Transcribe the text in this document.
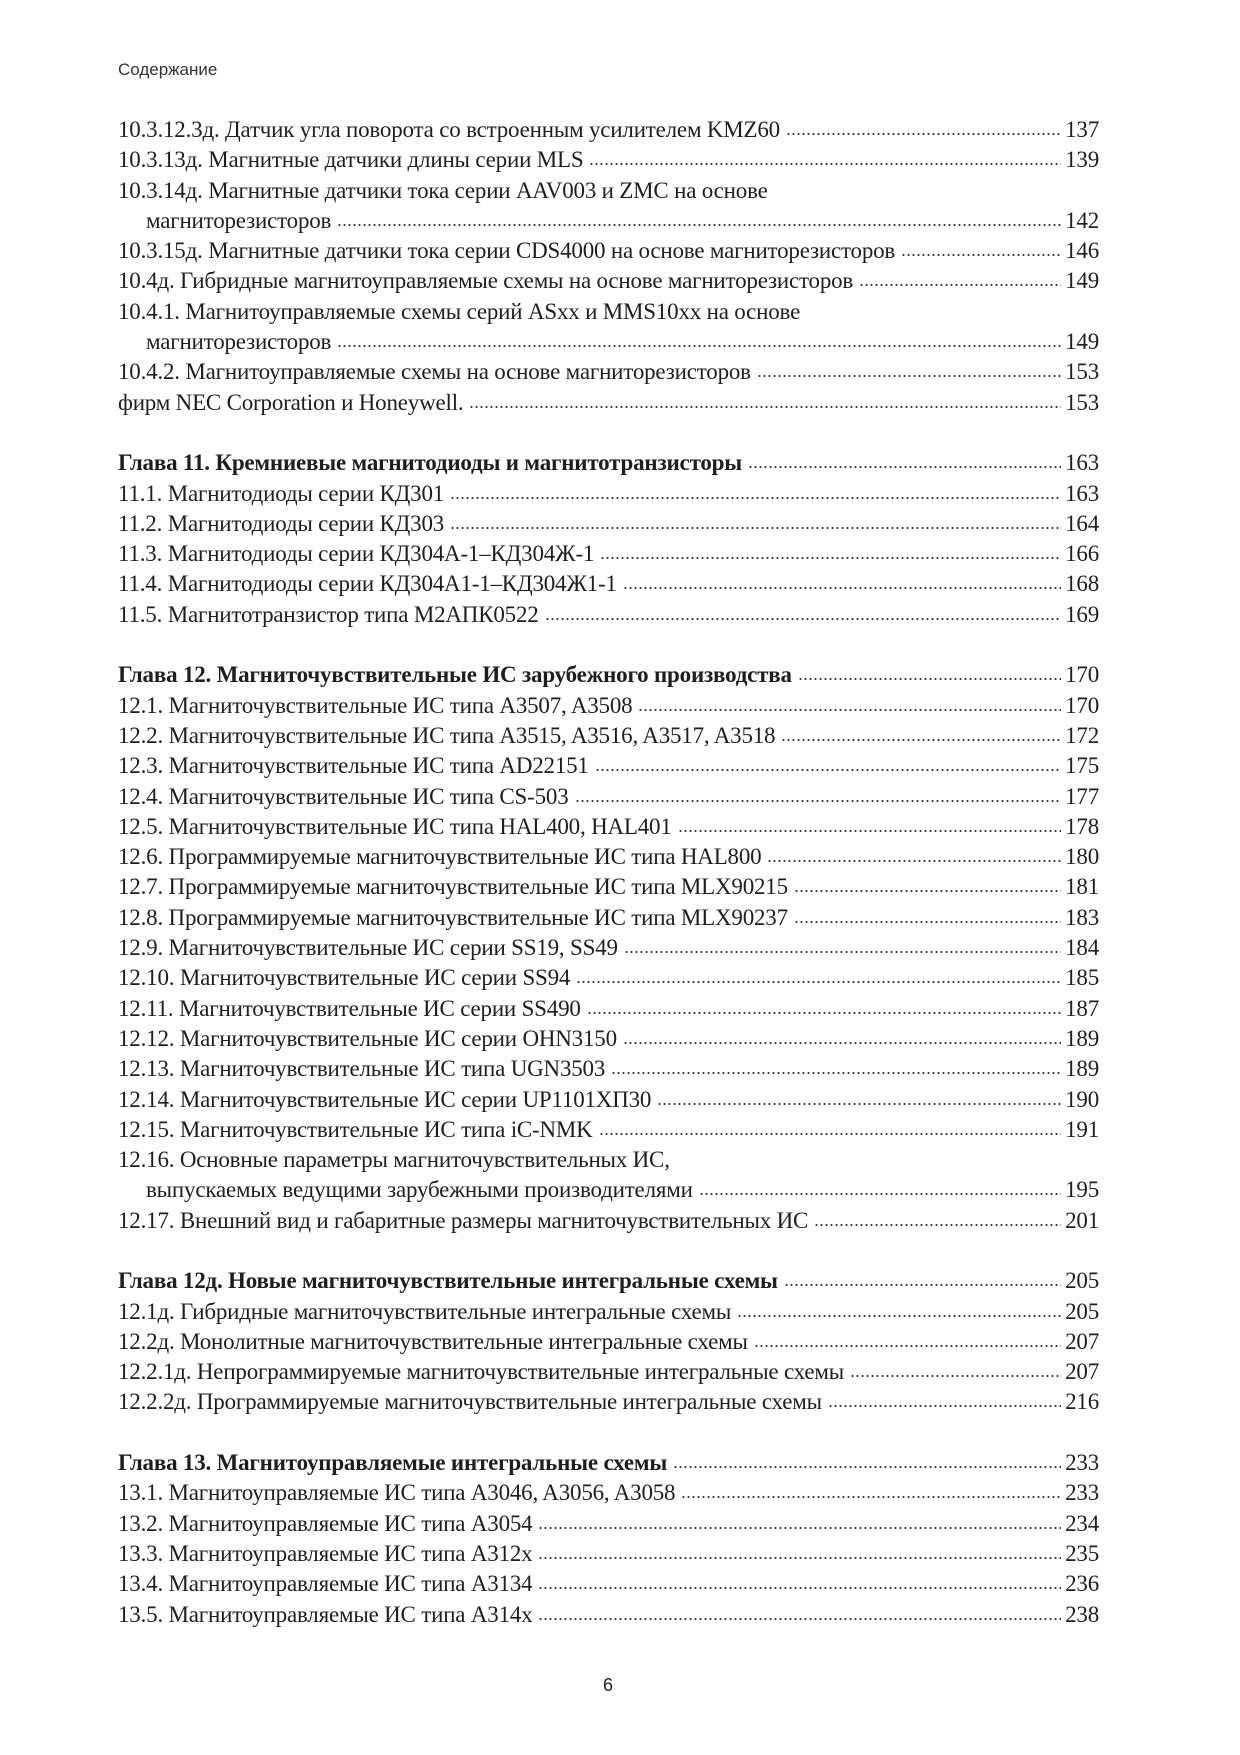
Содержание
10.3.12.3д. Датчик угла поворота со встроенным усилителем KMZ60	137
10.3.13д. Магнитные датчики длины серии MLS	139
10.3.14д. Магнитные датчики тока серии AAV003 и ZMC на основе
магниторезисторов	142
10.3.15д. Магнитные датчики тока серии CDS4000 на основе магниторезисторов	146
10.4д. Гибридные магнитоуправляемые схемы на основе магниторезисторов	149
10.4.1. Магнитоуправляемые схемы серий ASxx и MMS10xx на основе
магниторезисторов	149
10.4.2. Магнитоуправляемые схемы на основе магниторезисторов	153
фирм NEC Corporation и Honeywell.	153
Глава 11. Кремниевые магнитодиоды и магнитотранзисторы	163
11.1. Магнитодиоды серии КД301	163
11.2. Магнитодиоды серии КД303	164
11.3. Магнитодиоды серии КД304А-1–КД304Ж-1	166
11.4. Магнитодиоды серии КД304А1-1–КД304Ж1-1	168
11.5. Магнитотранзистор типа М2АПК0522	169
Глава 12. Магниточувствительные ИС зарубежного производства	170
12.1. Магниточувствительные ИС типа A3507, A3508	170
12.2. Магниточувствительные ИС типа A3515, A3516, A3517, A3518	172
12.3. Магниточувствительные ИС типа AD22151	175
12.4. Магниточувствительные ИС типа CS-503	177
12.5. Магниточувствительные ИС типа HAL400, HAL401	178
12.6. Программируемые магниточувствительные ИС типа HAL800	180
12.7. Программируемые магниточувствительные ИС типа MLX90215	181
12.8. Программируемые магниточувствительные ИС типа MLX90237	183
12.9. Магниточувствительные ИС серии SS19, SS49	184
12.10. Магниточувствительные ИС серии SS94	185
12.11. Магниточувствительные ИС серии SS490	187
12.12. Магниточувствительные ИС серии OHN3150	189
12.13. Магниточувствительные ИС типа UGN3503	189
12.14. Магниточувствительные ИС серии UP1101ХП30	190
12.15. Магниточувствительные ИС типа iC-NMK	191
12.16. Основные параметры магниточувствительных ИС,
выпускаемых ведущими зарубежными производителями	195
12.17. Внешний вид и габаритные размеры магниточувствительных ИС	201
Глава 12д. Новые магниточувствительные интегральные схемы	205
12.1д. Гибридные магниточувствительные интегральные схемы	205
12.2д. Монолитные магниточувствительные интегральные схемы	207
12.2.1д. Непрограммируемые магниточувствительные интегральные схемы	207
12.2.2д. Программируемые магниточувствительные интегральные схемы	216
Глава 13. Магнитоуправляемые интегральные схемы	233
13.1. Магнитоуправляемые ИС типа A3046, A3056, A3058	233
13.2. Магнитоуправляемые ИС типа A3054	234
13.3. Магнитоуправляемые ИС типа A312x	235
13.4. Магнитоуправляемые ИС типа A3134	236
13.5. Магнитоуправляемые ИС типа A314x	238
6
